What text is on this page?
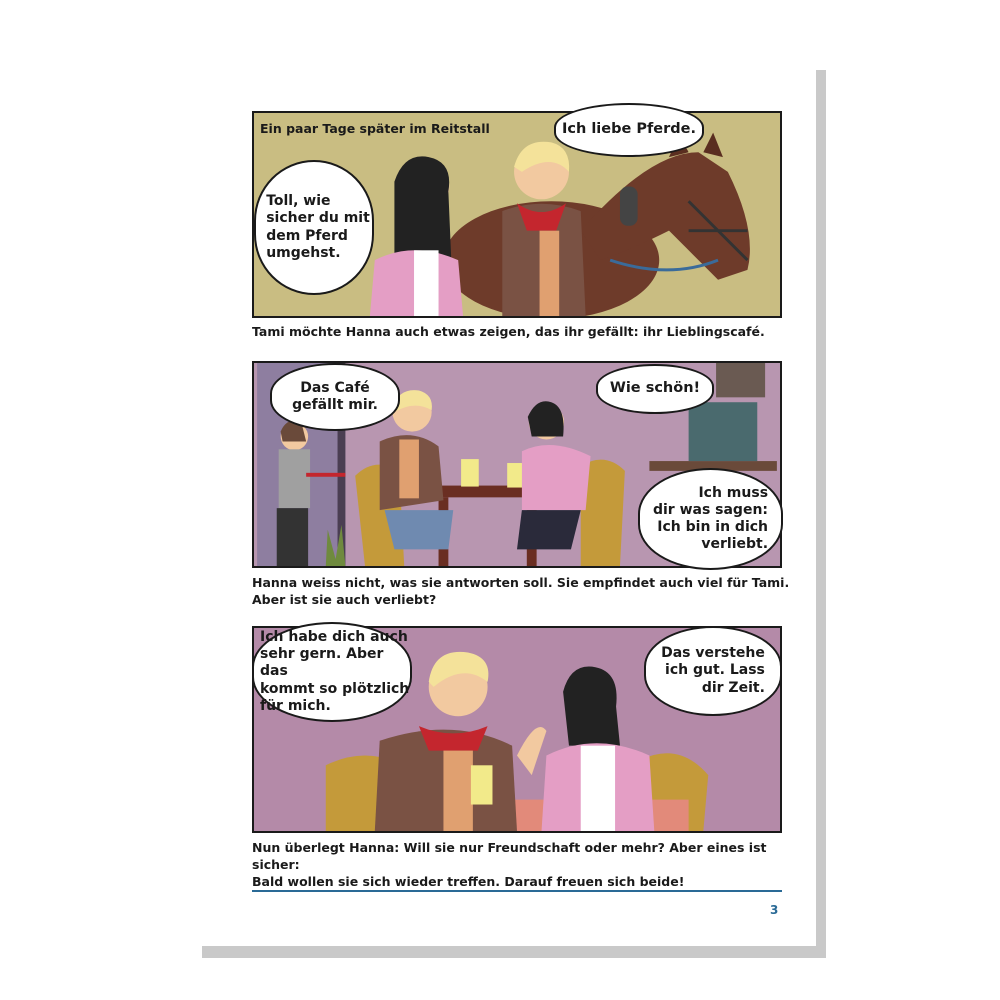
Ein paar Tage später im Reitstall
Toll, wie
sicher du mit
dem Pferd
umgehst.
Ich liebe Pferde.
Tami möchte Hanna auch etwas zeigen, das ihr gefällt: ihr Lieblingscafé.
Das Café
gefällt mir.
Wie schön!
Ich muss
dir was sagen:
Ich bin in dich
verliebt.
Hanna weiss nicht, was sie antworten soll. Sie empfindet auch viel für Tami.
Aber ist sie auch verliebt?
Ich habe dich auch
sehr gern. Aber das
kommt so plötzlich
für mich.
Das verstehe
ich gut. Lass
dir Zeit.
Nun überlegt Hanna: Will sie nur Freundschaft oder mehr? Aber eines ist sicher:
Bald wollen sie sich wieder treffen. Darauf freuen sich beide!
3
